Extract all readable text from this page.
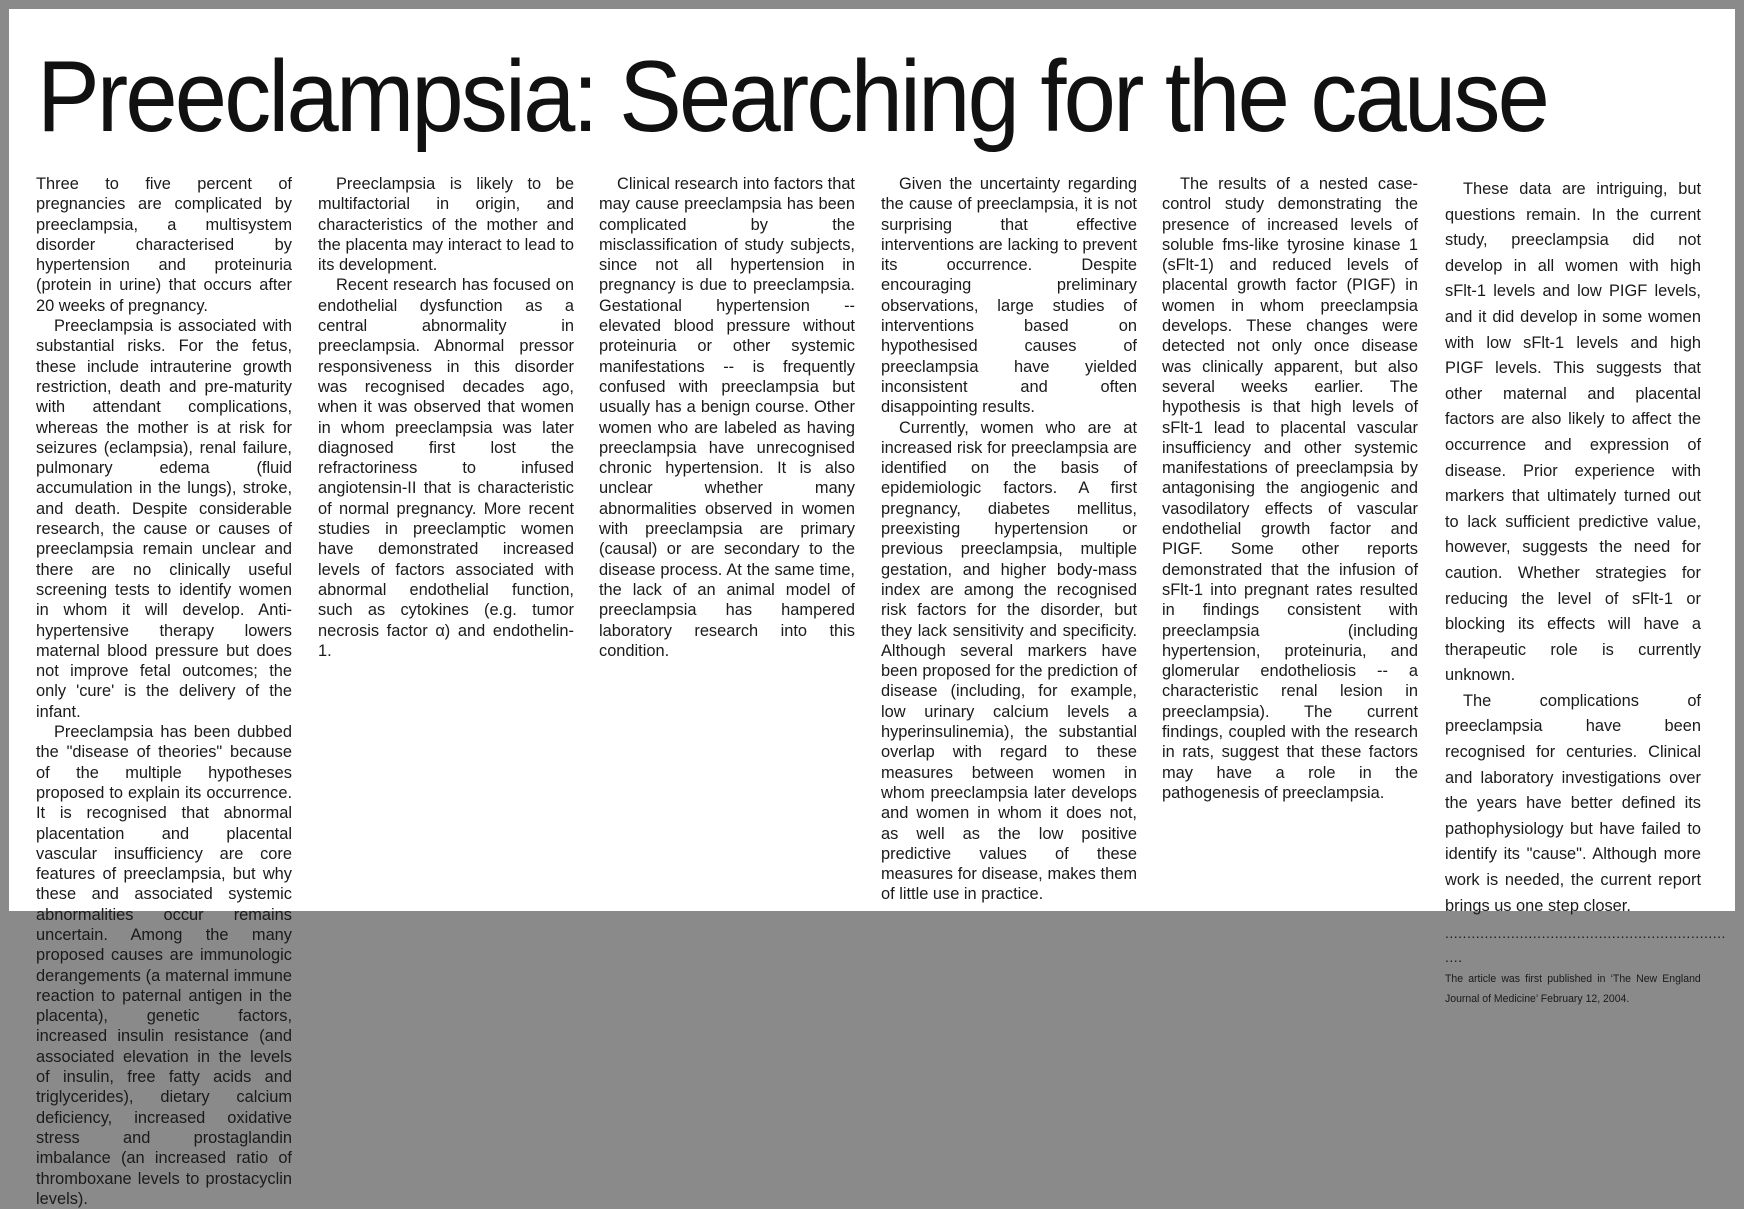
Preeclampsia: Searching for the cause

Three to five percent of pregnancies are complicated by preeclampsia, a multisystem disorder characterised by hypertension and proteinuria (protein in urine) that occurs after 20 weeks of pregnancy.

Preeclampsia is associated with substantial risks. For the fetus, these include intrauterine growth restriction, death and pre-maturity with attendant complications, whereas the mother is at risk for seizures (eclampsia), renal failure, pulmonary edema (fluid accumulation in the lungs), stroke, and death. Despite considerable research, the cause or causes of preeclampsia remain unclear and there are no clinically useful screening tests to identify women in whom it will develop. Anti-hypertensive therapy lowers maternal blood pressure but does not improve fetal outcomes; the only 'cure' is the delivery of the infant.

Preeclampsia has been dubbed the "disease of theories" because of the multiple hypotheses proposed to explain its occurrence. It is recognised that abnormal placentation and placental vascular insufficiency are core features of preeclampsia, but why these and associated systemic abnormalities occur remains uncertain. Among the many proposed causes are immunologic derangements (a maternal immune reaction to paternal antigen in the placenta), genetic factors, increased insulin resistance (and associated elevation in the levels of insulin, free fatty acids and triglycerides), dietary calcium deficiency, increased oxidative stress and prostaglandin imbalance (an increased ratio of thromboxane levels to prostacyclin levels).

Preeclampsia is likely to be multifactorial in origin, and characteristics of the mother and the placenta may interact to lead to its development.

Recent research has focused on endothelial dysfunction as a central abnormality in preeclampsia. Abnormal pressor responsiveness in this disorder was recognised decades ago, when it was observed that women in whom preeclampsia was later diagnosed first lost the refractoriness to infused angiotensin-II that is characteristic of normal pregnancy. More recent studies in preeclamptic women have demonstrated increased levels of factors associated with abnormal endothelial function, such as cytokines (e.g. tumor necrosis factor α) and endothelin-1.

Clinical research into factors that may cause preeclampsia has been complicated by the misclassification of study subjects, since not all hypertension in pregnancy is due to preeclampsia. Gestational hypertension -- elevated blood pressure without proteinuria or other systemic manifestations -- is frequently confused with preeclampsia but usually has a benign course. Other women who are labeled as having preeclampsia have unrecognised chronic hypertension. It is also unclear whether many abnormalities observed in women with preeclampsia are primary (causal) or are secondary to the disease process. At the same time, the lack of an animal model of preeclampsia has hampered laboratory research into this condition.

Given the uncertainty regarding the cause of preeclampsia, it is not surprising that effective interventions are lacking to prevent its occurrence. Despite encouraging preliminary observations, large studies of interventions based on hypothesised causes of preeclampsia have yielded inconsistent and often disappointing results.

Currently, women who are at increased risk for preeclampsia are identified on the basis of epidemiologic factors. A first pregnancy, diabetes mellitus, preexisting hypertension or previous preeclampsia, multiple gestation, and higher body-mass index are among the recognised risk factors for the disorder, but they lack sensitivity and specificity. Although several markers have been proposed for the prediction of disease (including, for example, low urinary calcium levels a hyperinsulinemia), the substantial overlap with regard to these measures between women in whom preeclampsia later develops and women in whom it does not, as well as the low positive predictive values of these measures for disease, makes them of little use in practice.

The results of a nested case-control study demonstrating the presence of increased levels of soluble fms-like tyrosine kinase 1 (sFlt-1) and reduced levels of placental growth factor (PIGF) in women in whom preeclampsia develops. These changes were detected not only once disease was clinically apparent, but also several weeks earlier. The hypothesis is that high levels of sFlt-1 lead to placental vascular insufficiency and other systemic manifestations of preeclampsia by antagonising the angiogenic and vasodilatory effects of vascular endothelial growth factor and PIGF. Some other reports demonstrated that the infusion of sFlt-1 into pregnant rates resulted in findings consistent with preeclampsia (including hypertension, proteinuria, and glomerular endotheliosis -- a characteristic renal lesion in preeclampsia). The current findings, coupled with the research in rats, suggest that these factors may have a role in the pathogenesis of preeclampsia.

These data are intriguing, but questions remain. In the current study, preeclampsia did not develop in all women with high sFlt-1 levels and low PIGF levels, and it did develop in some women with low sFlt-1 levels and high PIGF levels. This suggests that other maternal and placental factors are also likely to affect the occurrence and expression of disease. Prior experience with markers that ultimately turned out to lack sufficient predictive value, however, suggests the need for caution. Whether strategies for reducing the level of sFlt-1 or blocking its effects will have a therapeutic role is currently unknown.

The complications of preeclampsia have been recognised for centuries. Clinical and laboratory investigations over the years have better defined its pathophysiology but have failed to identify its "cause". Although more work is needed, the current report brings us one step closer.

................................................................
....
The article was first published in ‘The New England Journal of Medicine’ February 12, 2004.
